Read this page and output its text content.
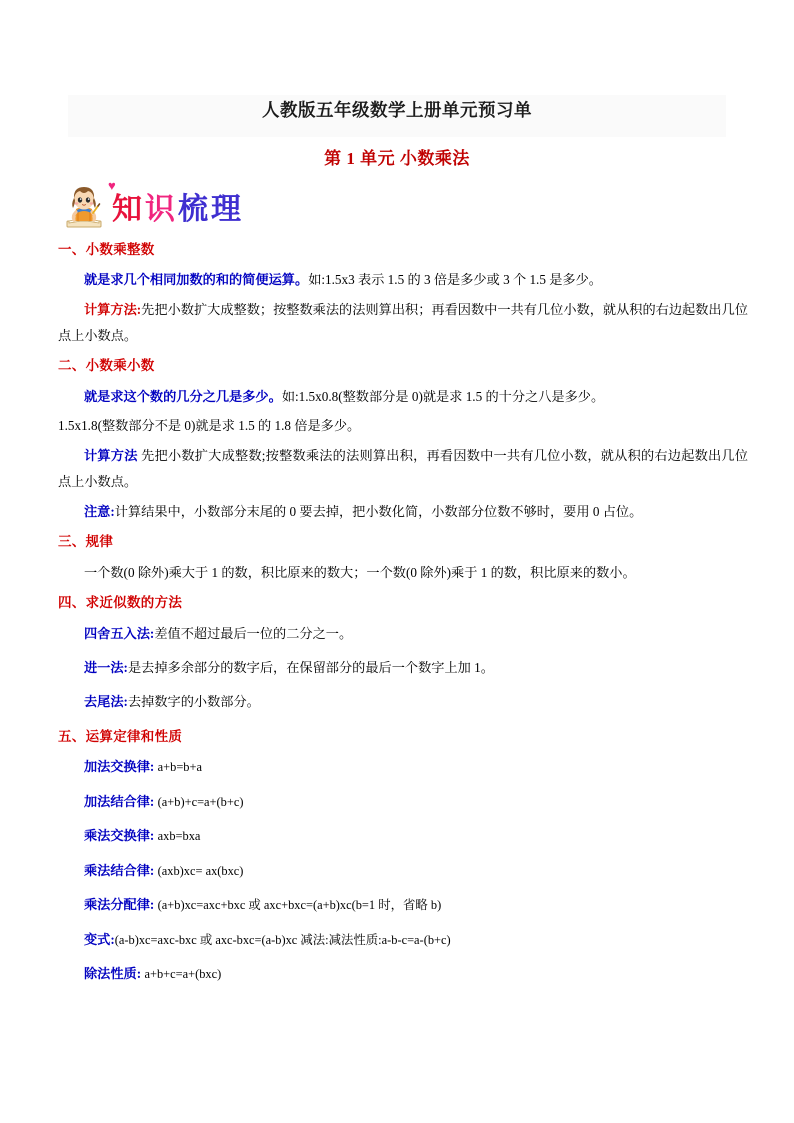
人教版五年级数学上册单元预习单
第 1 单元 小数乘法
知 识 梳 理
♥

一、小数乘整数

就是求几个相同加数的和的简便运算。如:1.5x3 表示 1.5 的 3 倍是多少或 3 个 1.5 是多少。

计算方法:先把小数扩大成整数；按整数乘法的法则算出积；再看因数中一共有几位小数，就从积的右边起数出几位点上小数点。

二、小数乘小数

就是求这个数的几分之几是多少。如:1.5x0.8(整数部分是 0)就是求 1.5 的十分之八是多少。

1.5x1.8(整数部分不是 0)就是求 1.5 的 1.8 倍是多少。

计算方法 先把小数扩大成整数;按整数乘法的法则算出积，再看因数中一共有几位小数，就从积的右边起数出几位点上小数点。

注意:计算结果中，小数部分末尾的 0 要去掉，把小数化简，小数部分位数不够时，要用 0 占位。

三、规律

一个数(0 除外)乘大于 1 的数，积比原来的数大；一个数(0 除外)乘于 1 的数，积比原来的数小。

四、求近似数的方法

四舍五入法:差值不超过最后一位的二分之一。

进一法:是去掉多余部分的数字后，在保留部分的最后一个数字上加 1。

去尾法:去掉数字的小数部分。

五、运算定律和性质

加法交换律: a+b=b+a

加法结合律: (a+b)+c=a+(b+c)

乘法交换律: axb=bxa

乘法结合律: (axb)xc= ax(bxc)

乘法分配律: (a+b)xc=axc+bxc 或 axc+bxc=(a+b)xc(b=1 时，省略 b)

变式:(a-b)xc=axc-bxc 或 axc-bxc=(a-b)xc 减法:减法性质:a-b-c=a-(b+c)

除法性质: a+b+c=a+(bxc)
